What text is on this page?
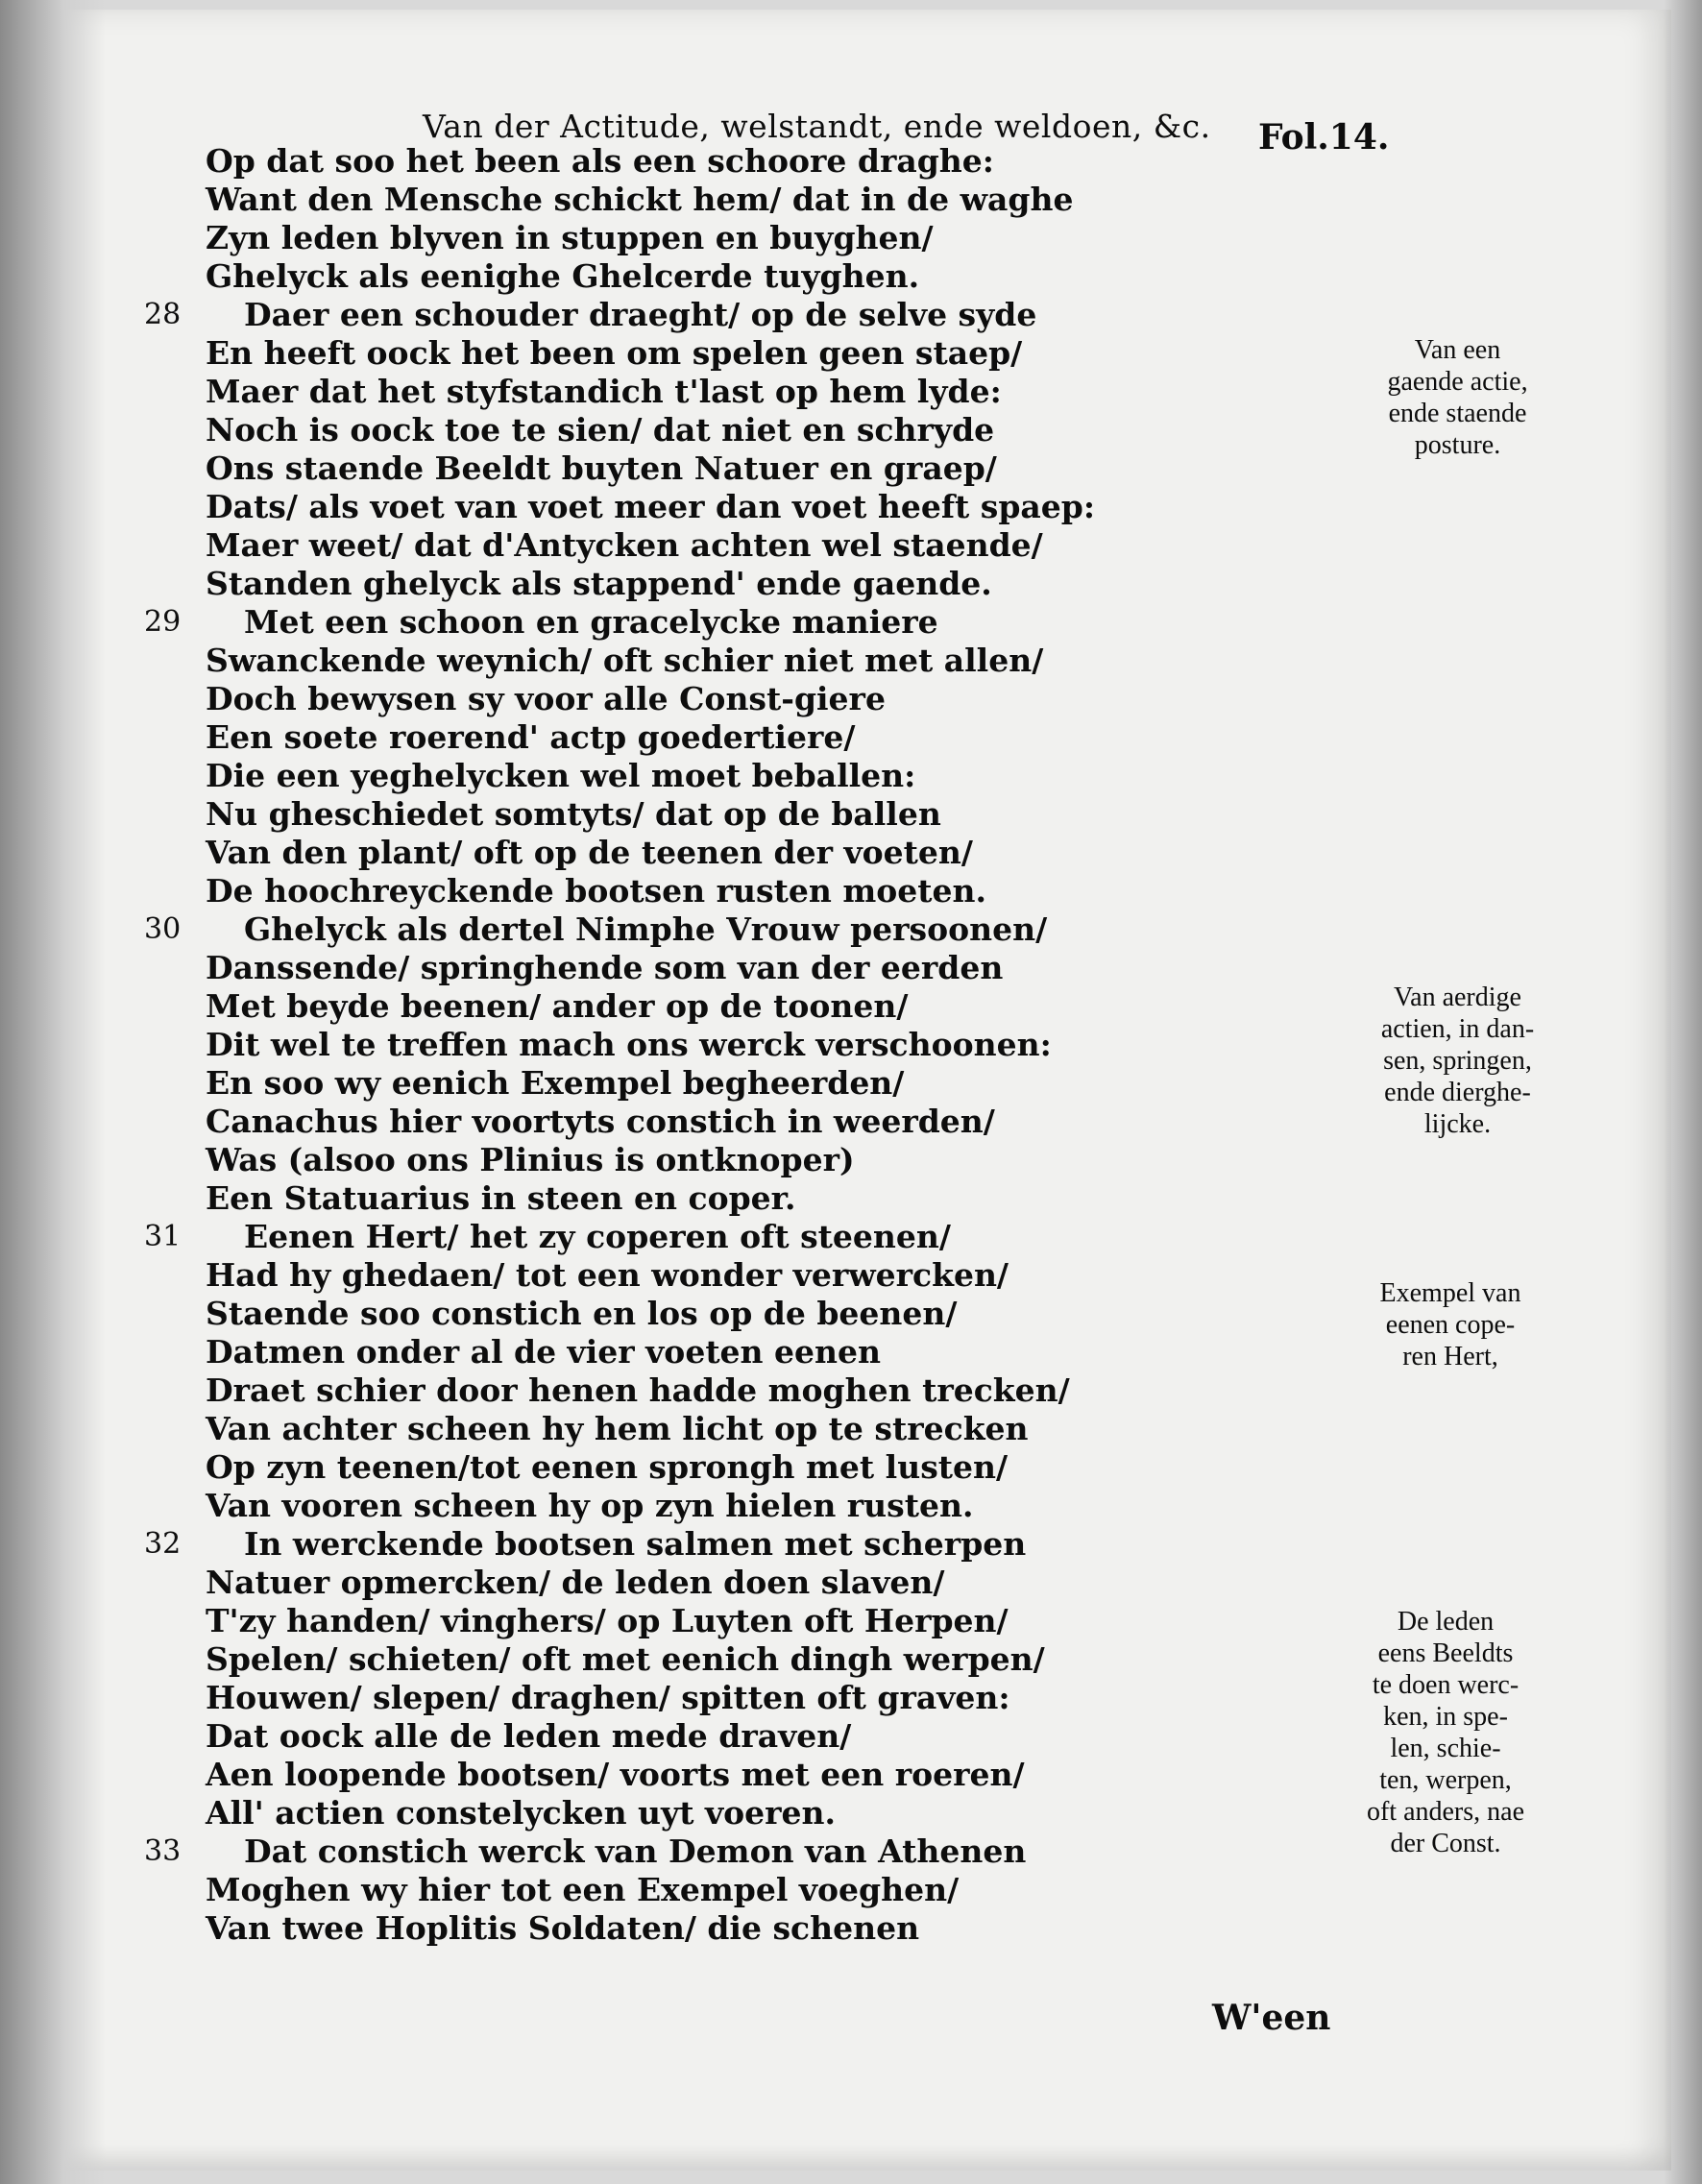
Van der Actitude, welstandt, ende weldoen, &c.	Fol.14.
Op dat soo het been als een schoore draghe:
Want den Mensche schickt hem/ dat in de waghe
Zyn leden blyven in stuppen en buyghen/
Ghelyck als eenighe Ghelcerde tuyghen.
28	Daer een schouder draeght/ op de selve syde
En heeft oock het been om spelen geen staep/
Maer dat het styfstandich t'last op hem lyde:
Noch is oock toe te sien/ dat niet en schryde
Ons staende Beeldt buyten Natuer en graep/
Dats/ als voet van voet meer dan voet heeft spaep:
Maer weet/ dat d'Antycken achten wel staende/
Standen ghelyck als stappend' ende gaende.
29	Met een schoon en gracelycke maniere
Swanckende weynich/ oft schier niet met allen/
Doch bewysen sy voor alle Const-giere
Een soete roerend' actp goedertiere/
Die een yeghelycken wel moet beballen:
Nu gheschiedet somtyts/ dat op de ballen
Van den plant/ oft op de teenen der voeten/
De hoochreyckende bootsen rusten moeten.
30	Ghelyck als dertel Nimphe Vrouw persoonen/
Danssende/ springhende som van der eerden
Met beyde beenen/ ander op de toonen/
Dit wel te treffen mach ons werck verschoonen:
En soo wy eenich Exempel begheerden/
Canachus hier voortyts constich in weerden/
Was (alsoo ons Plinius is ontknoper)
Een Statuarius in steen en coper.
31	Eenen Hert/ het zy coperen oft steenen/
Had hy ghedaen/ tot een wonder verwercken/
Staende soo constich en los op de beenen/
Datmen onder al de vier voeten eenen
Draet schier door henen hadde moghen trecken/
Van achter scheen hy hem licht op te strecken
Op zyn teenen/tot eenen sprongh met lusten/
Van vooren scheen hy op zyn hielen rusten.
32	In werckende bootsen salmen met scherpen
Natuer opmercken/ de leden doen slaven/
T'zy handen/ vinghers/ op Luyten oft Herpen/
Spelen/ schieten/ oft met eenich dingh werpen/
Houwen/ slepen/ draghen/ spitten oft graven:
Dat oock alle de leden mede draven/
Aen loopende bootsen/ voorts met een roeren/
All' actien constelycken uyt voeren.
33	Dat constich werck van Demon van Athenen
Moghen wy hier tot een Exempel voeghen/
Van twee Hoplitis Soldaten/ die schenen
Van een
gaende actie,
ende staende
posture.
Van aerdige
actien, in dan-
sen, springen,
ende dierghe-
lijcke.
Exempel van
eenen cope-
ren Hert,
De leden
eens Beeldts
te doen werc-
ken, in spe-
len, schie-
ten, werpen,
oft anders, nae
der Const.
W'een
